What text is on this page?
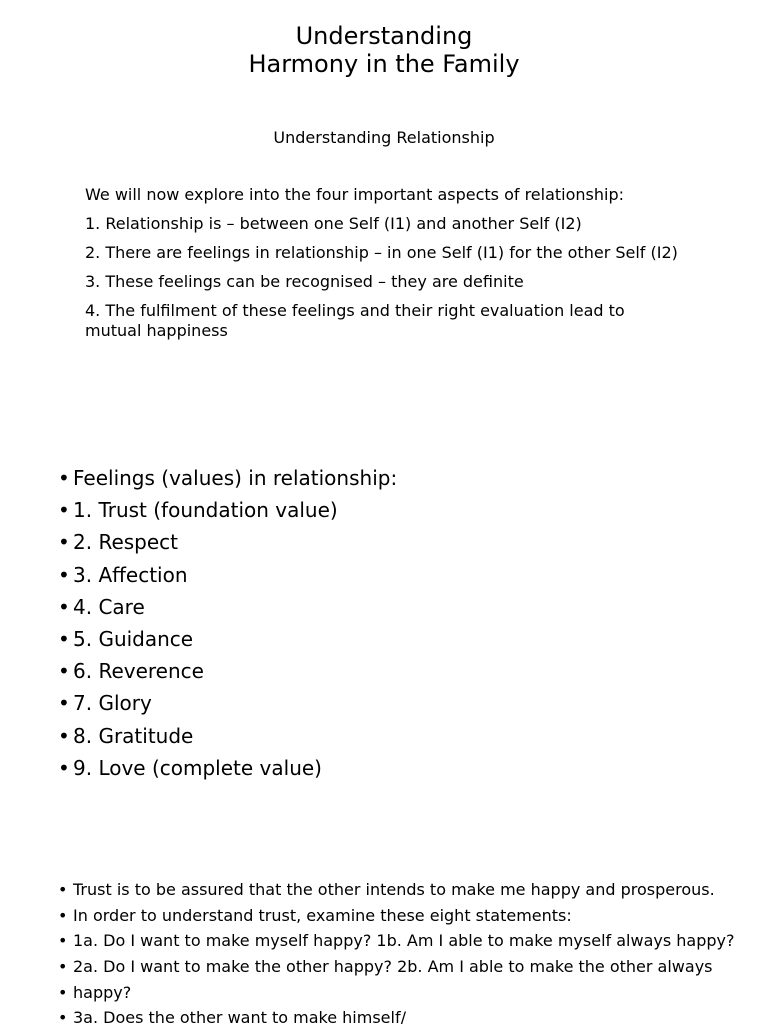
Understanding
Harmony in the Family
Understanding Relationship
We will now explore into the four important aspects of relationship:
1. Relationship is – between one Self (I1) and another Self (I2)
2. There are feelings in relationship – in one Self (I1) for the other Self (I2)
3. These feelings can be recognised – they are definite
4. The fulfilment of these feelings and their right evaluation lead to mutual happiness
• Feelings (values) in relationship:
• 1. Trust (foundation value)
• 2. Respect
• 3. Affection
• 4. Care
• 5. Guidance
• 6. Reverence
• 7. Glory
• 8. Gratitude
• 9. Love (complete value)
• Trust is to be assured that the other intends to make me happy and prosperous.
• In order to understand trust, examine these eight statements:
• 1a. Do I want to make myself happy? 1b. Am I able to make myself always happy?
• 2a. Do I want to make the other happy? 2b. Am I able to make the other always
• happy?
• 3a. Does the other want to make himself/
